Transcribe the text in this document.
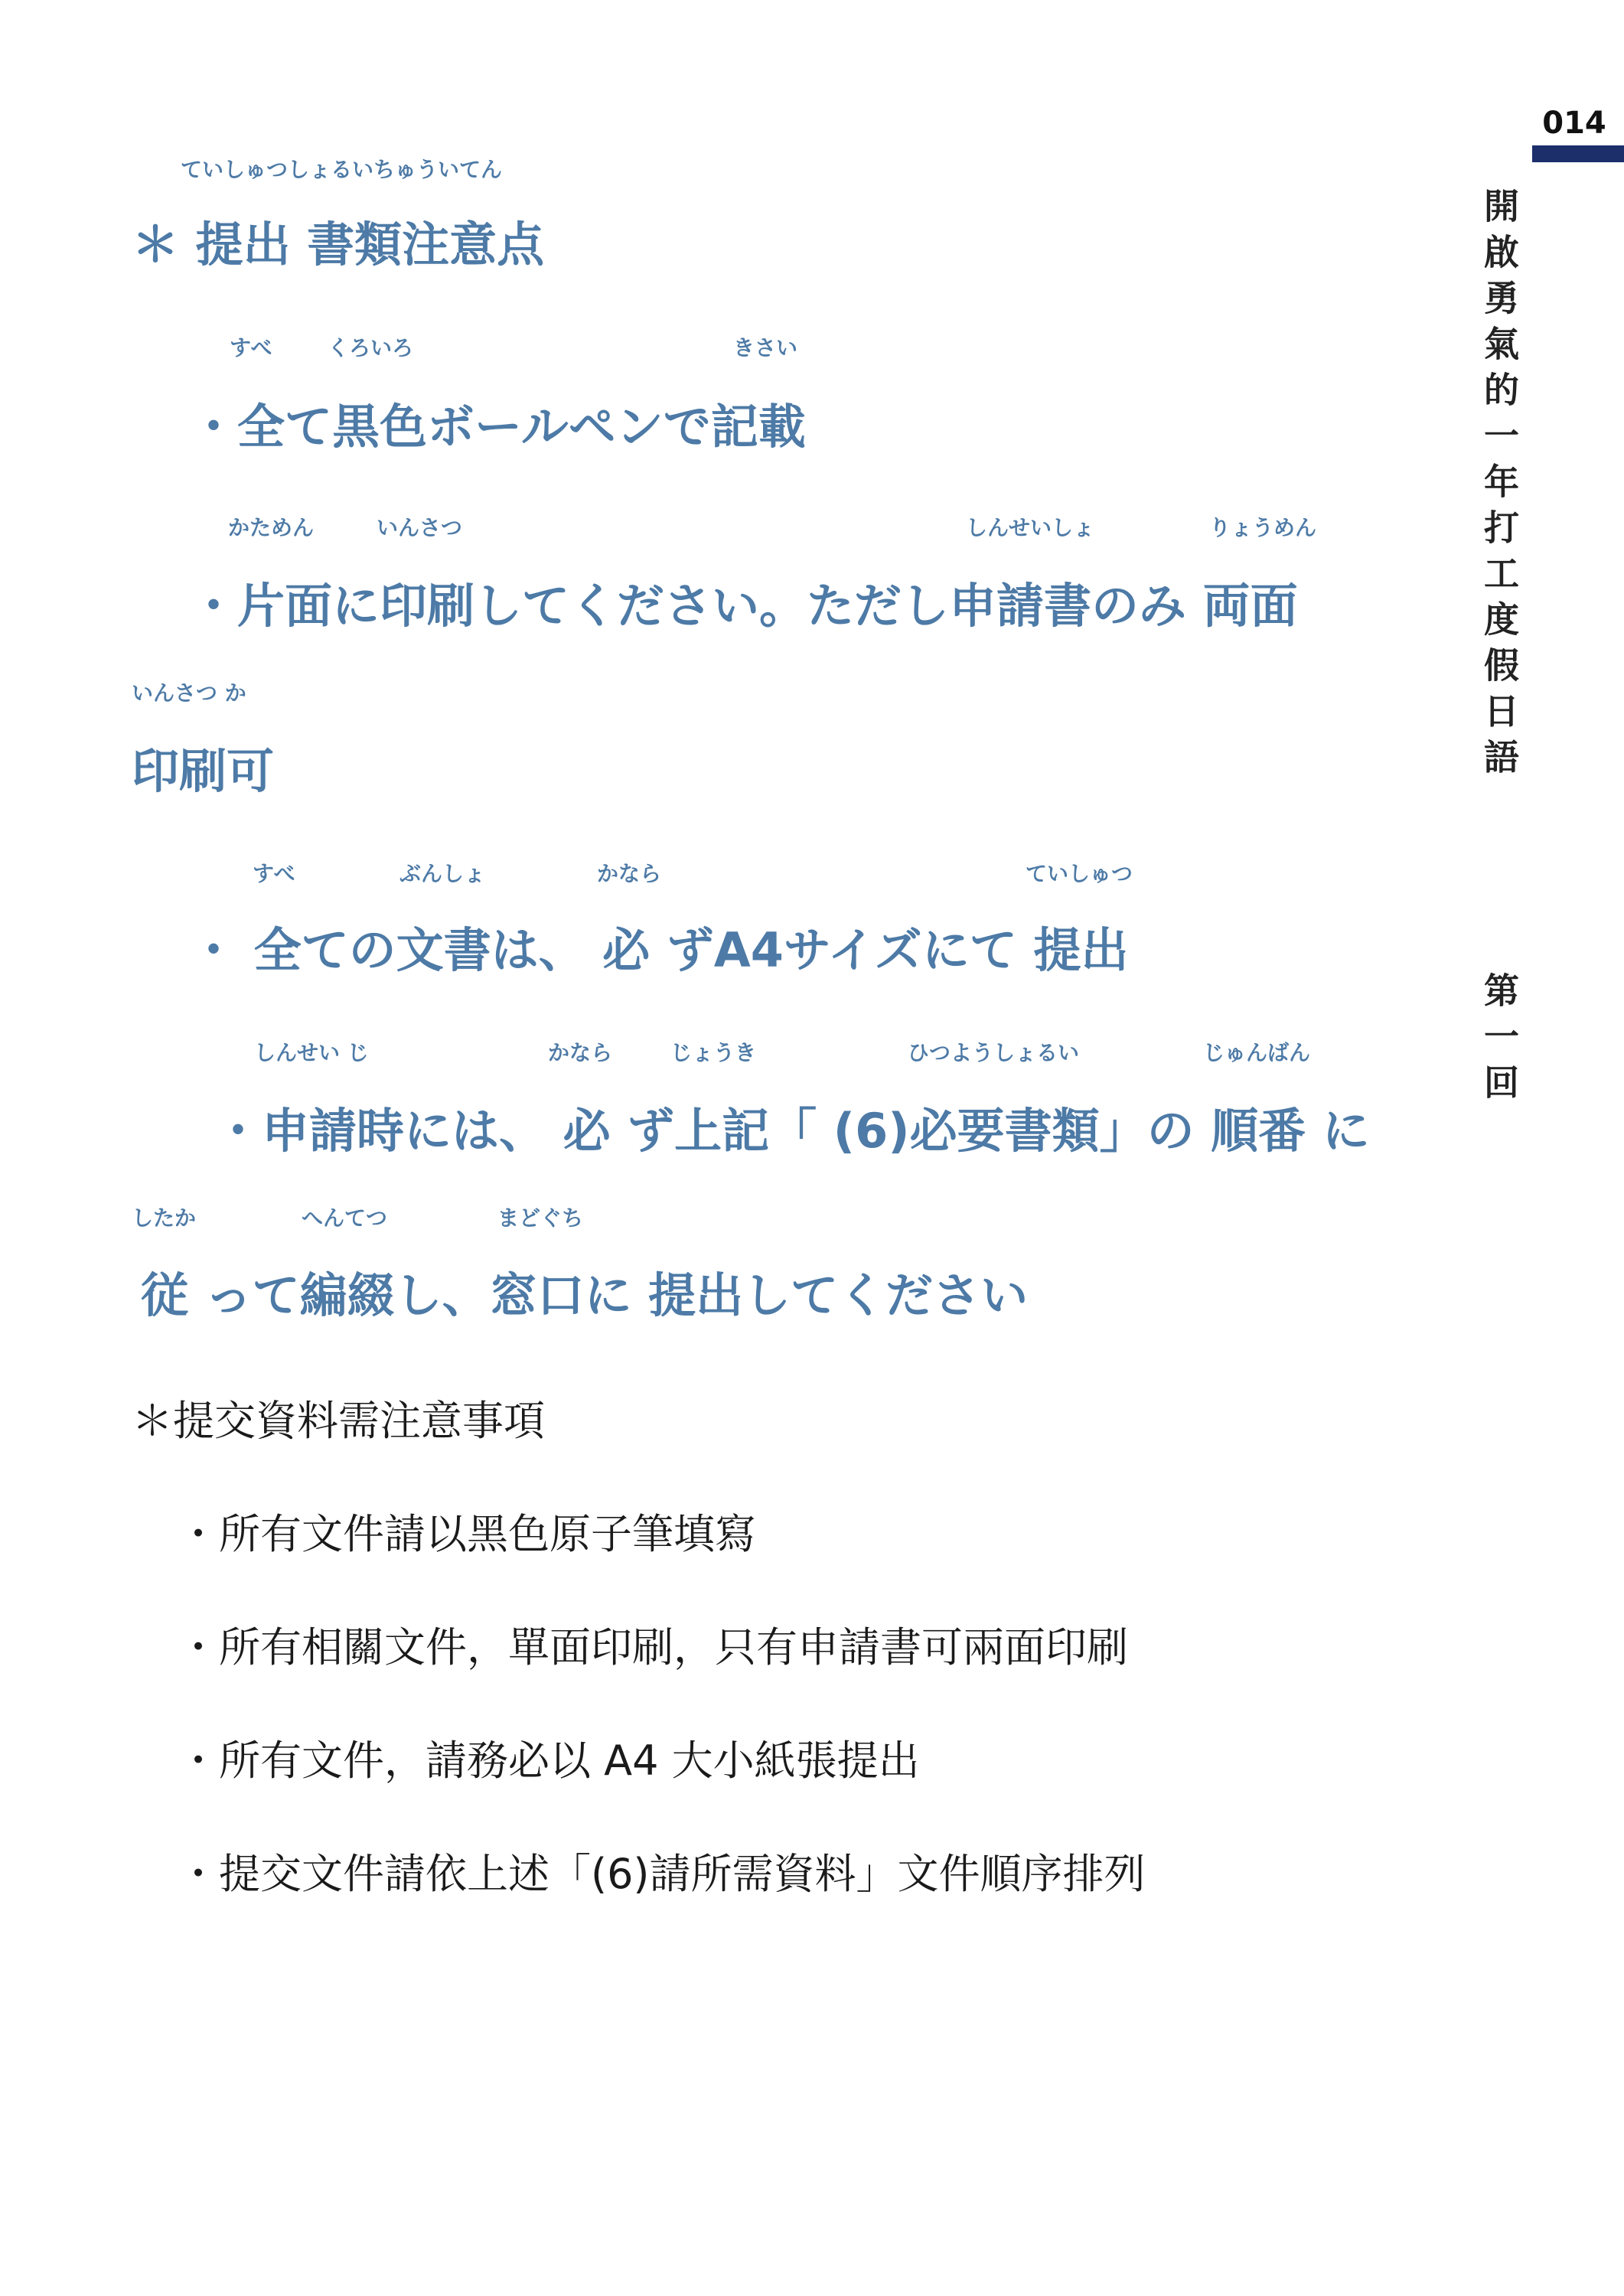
014
開啟勇氣的一年打工度假日語
第一回
ていしゅつしょるいちゅういてん
＊ 提出 書類注意点
すべ	くろいろ	きさい
・全て黒色ボールペンで記載
かためん	いんさつ	しんせいしょ	りょうめん
・片面に印刷してください。ただし申請書のみ 両面
いんさつ か
印刷可
すべ	ぶんしょ	かなら	ていしゅつ
・ 全ての文書は、 必 ずA4サイズにて 提出
しんせい じ	かなら	じょうき	ひつようしょるい	じゅんばん
・申請時には、 必 ず上記「 (6)必要書類」の 順番 に
したか	へんてつ	まどぐち
従 って編綴し、窓口に 提出してください
＊提交資料需注意事項
・所有文件請以黑色原子筆填寫
・所有相關文件，單面印刷，只有申請書可兩面印刷
・所有文件，請務必以 A4 大小紙張提出
・提交文件請依上述「(6)請所需資料」文件順序排列
